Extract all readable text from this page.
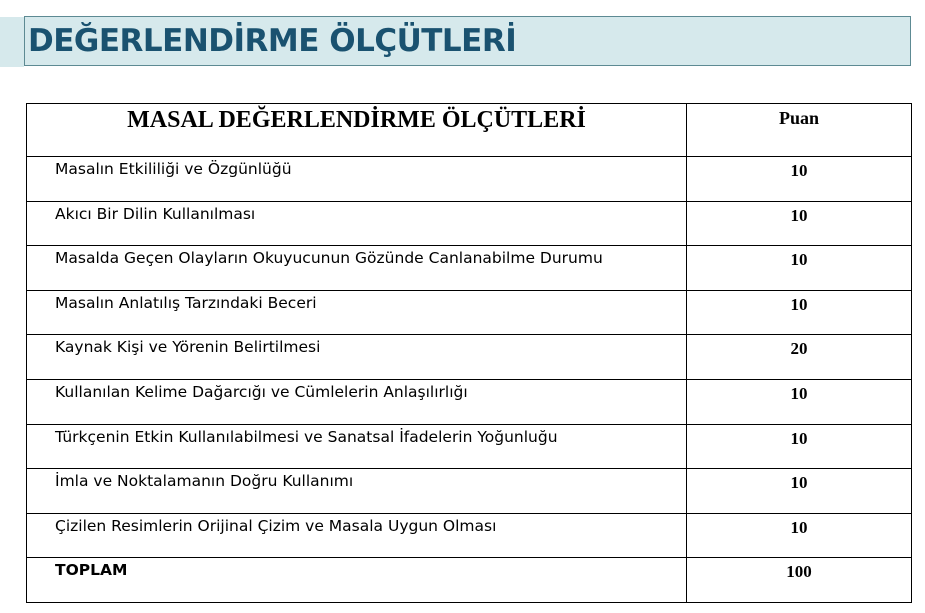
DEĞERLENDİRME ÖLÇÜTLERİ
MASAL DEĞERLENDİRME ÖLÇÜTLERİ	Puan
Masalın Etkililiği ve Özgünlüğü	10
Akıcı Bir Dilin Kullanılması	10
Masalda Geçen Olayların Okuyucunun Gözünde Canlanabilme Durumu	10
Masalın Anlatılış Tarzındaki Beceri	10
Kaynak Kişi ve Yörenin Belirtilmesi	20
Kullanılan Kelime Dağarcığı ve Cümlelerin Anlaşılırlığı	10
Türkçenin Etkin Kullanılabilmesi ve Sanatsal İfadelerin Yoğunluğu	10
İmla ve Noktalamanın Doğru Kullanımı	10
Çizilen Resimlerin Orijinal Çizim ve Masala Uygun Olması	10
TOPLAM	100
